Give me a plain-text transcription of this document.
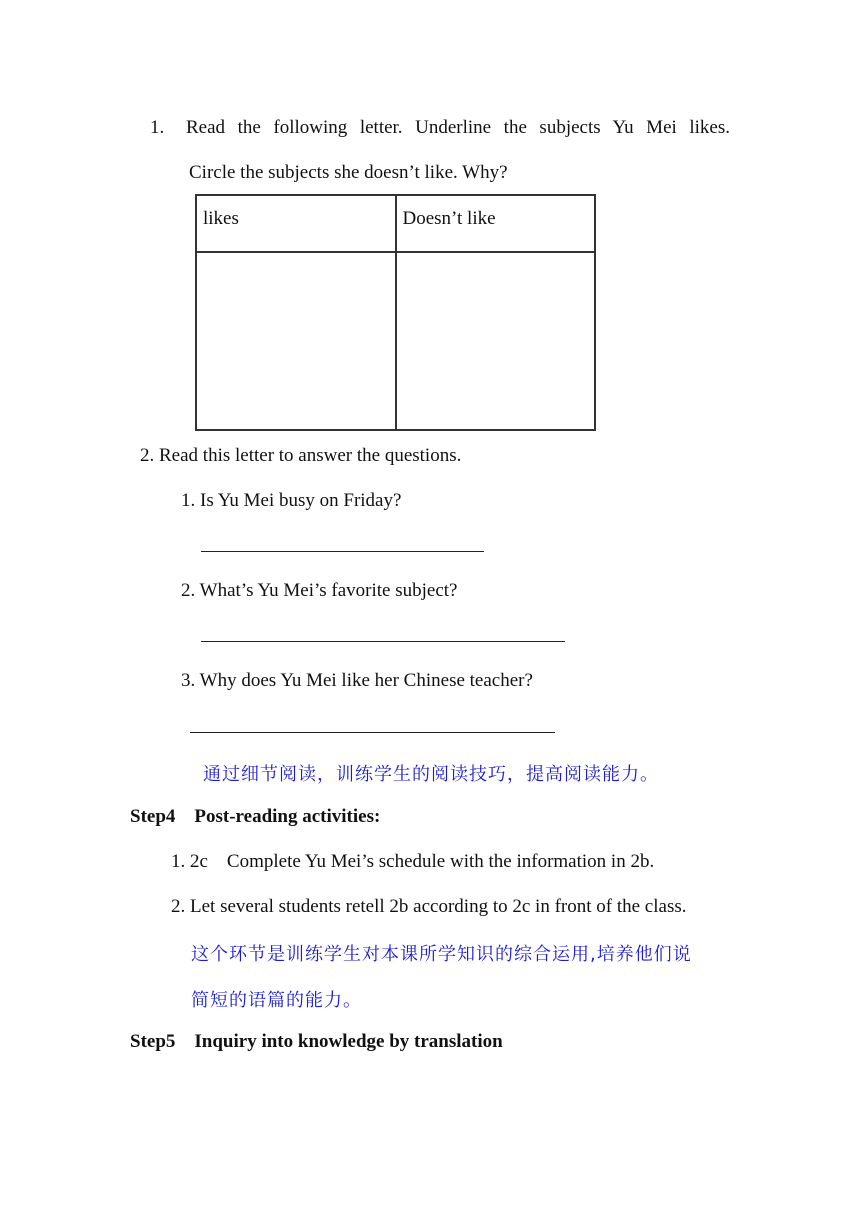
1. Read the following letter. Underline the subjects Yu Mei likes.
Circle the subjects she doesn’t like. Why?
likes	Doesn’t like

2. Read this letter to answer the questions.
1. Is Yu Mei busy on Friday?
2. What’s Yu Mei’s favorite subject?
3. Why does Yu Mei like her Chinese teacher?
通过细节阅读，训练学生的阅读技巧，提高阅读能力。
Step4    Post-reading activities:
1. 2c    Complete Yu Mei’s schedule with the information in 2b.
2. Let several students retell 2b according to 2c in front of the class.
这个环节是训练学生对本课所学知识的综合运用,培养他们说
简短的语篇的能力。
Step5    Inquiry into knowledge by translation
